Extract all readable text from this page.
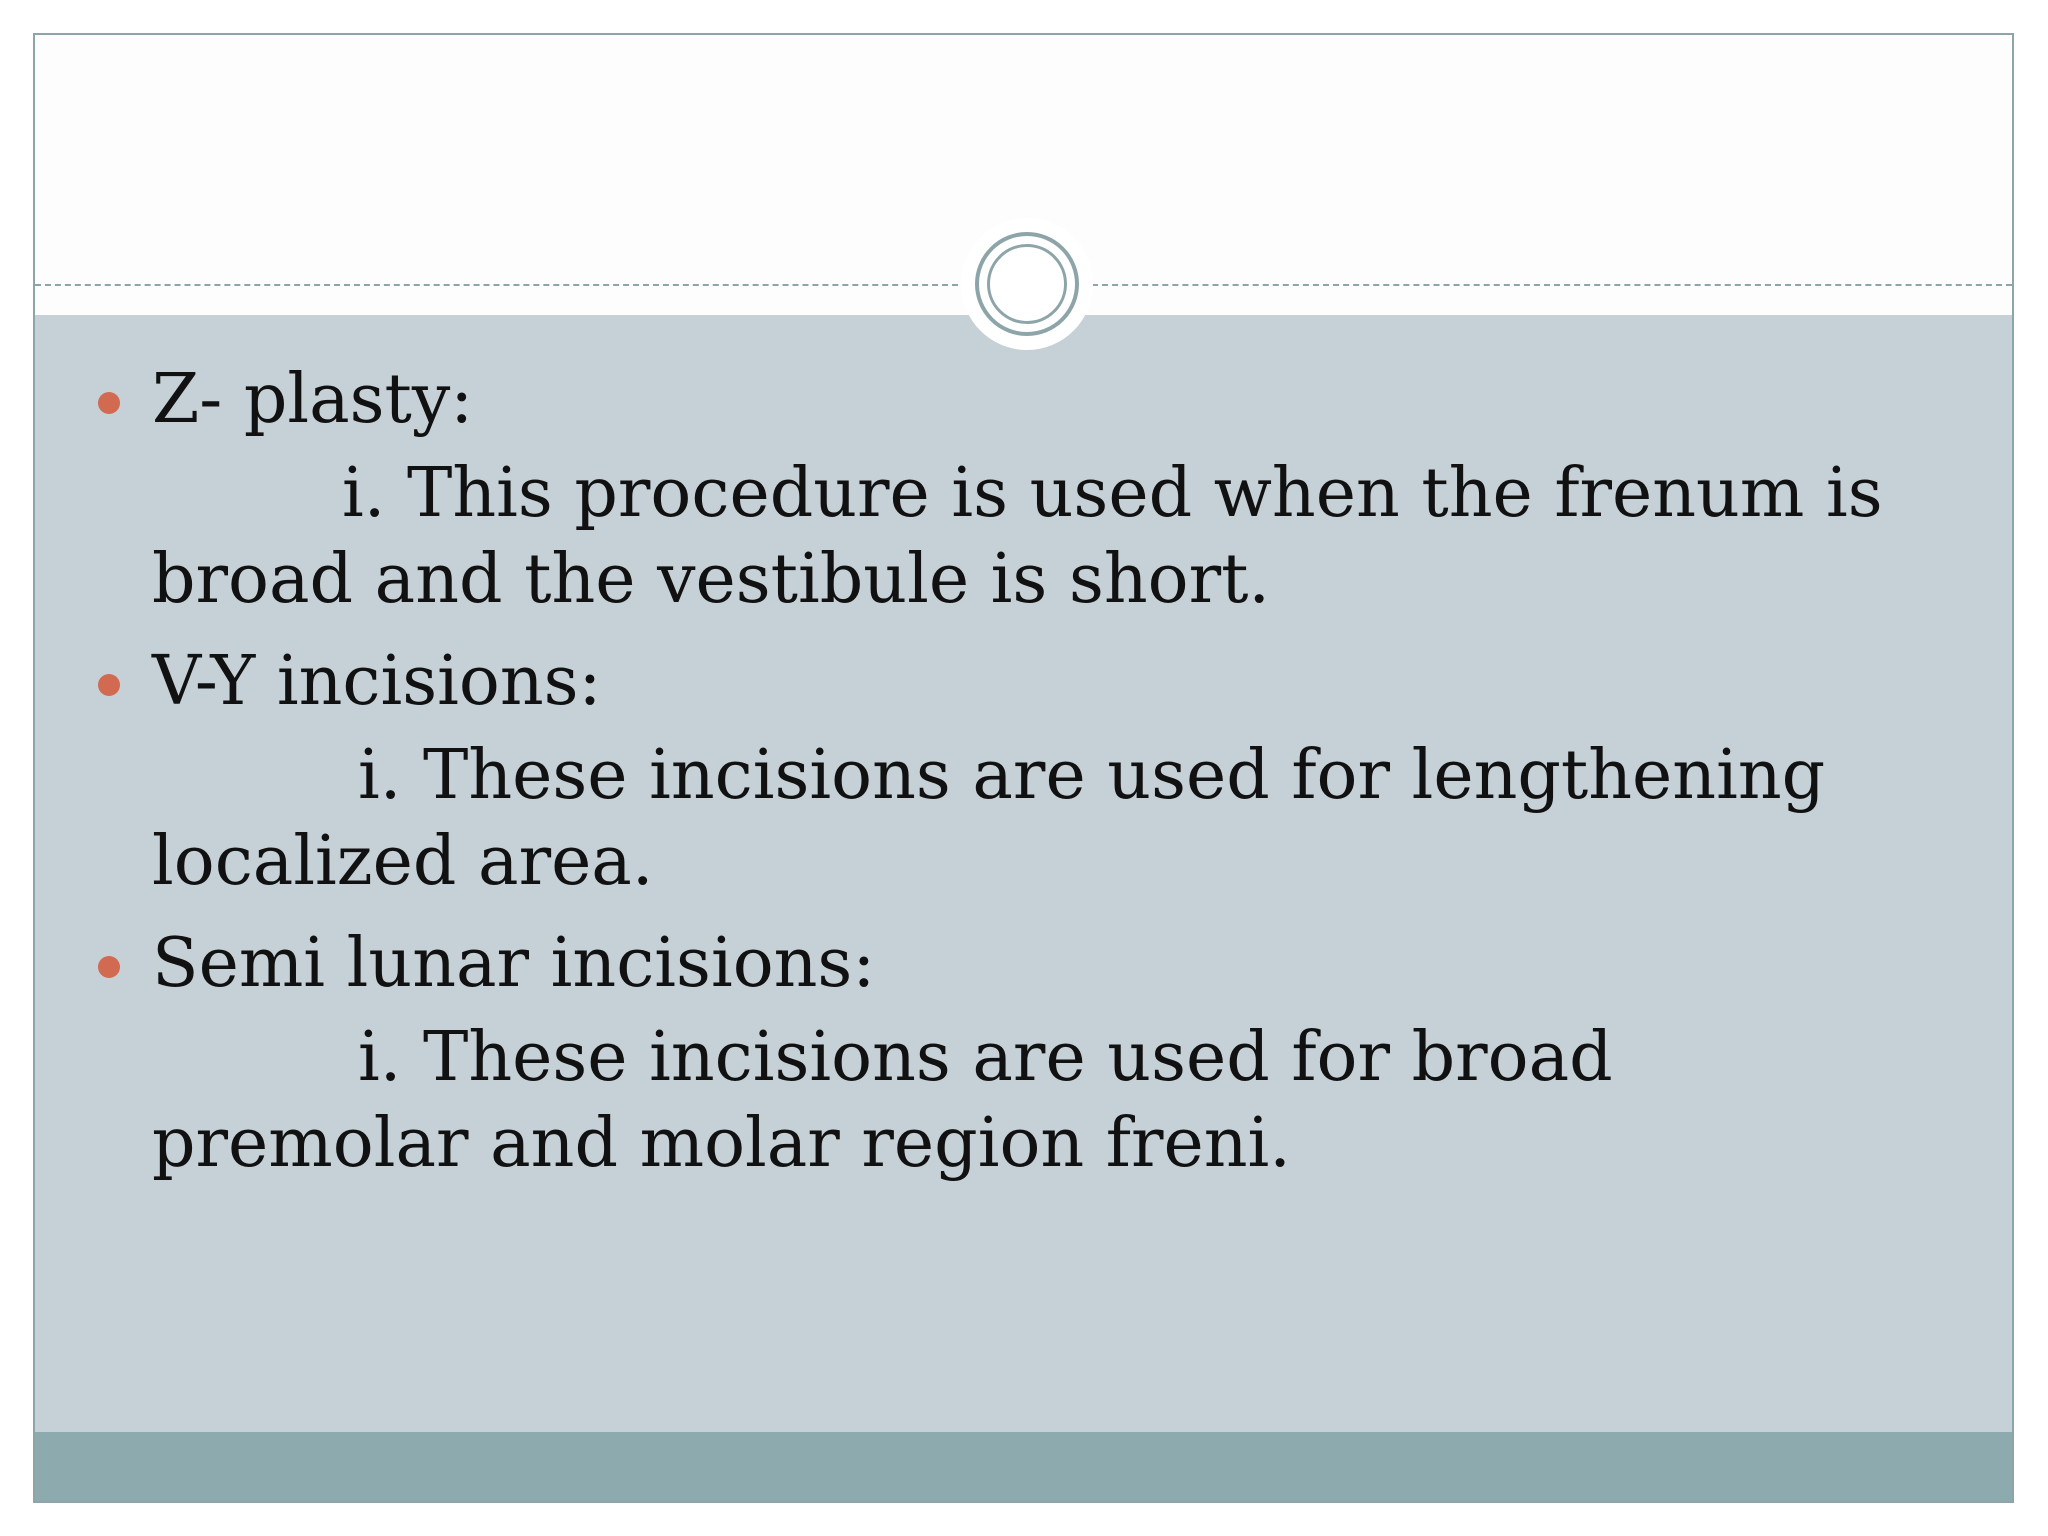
Z- plasty:
i. This procedure is used when the frenum is broad and the vestibule is short.
V-Y incisions:
i. These incisions are used for lengthening localized area.
Semi lunar incisions:
i. These incisions are used for broad premolar and molar region freni.
